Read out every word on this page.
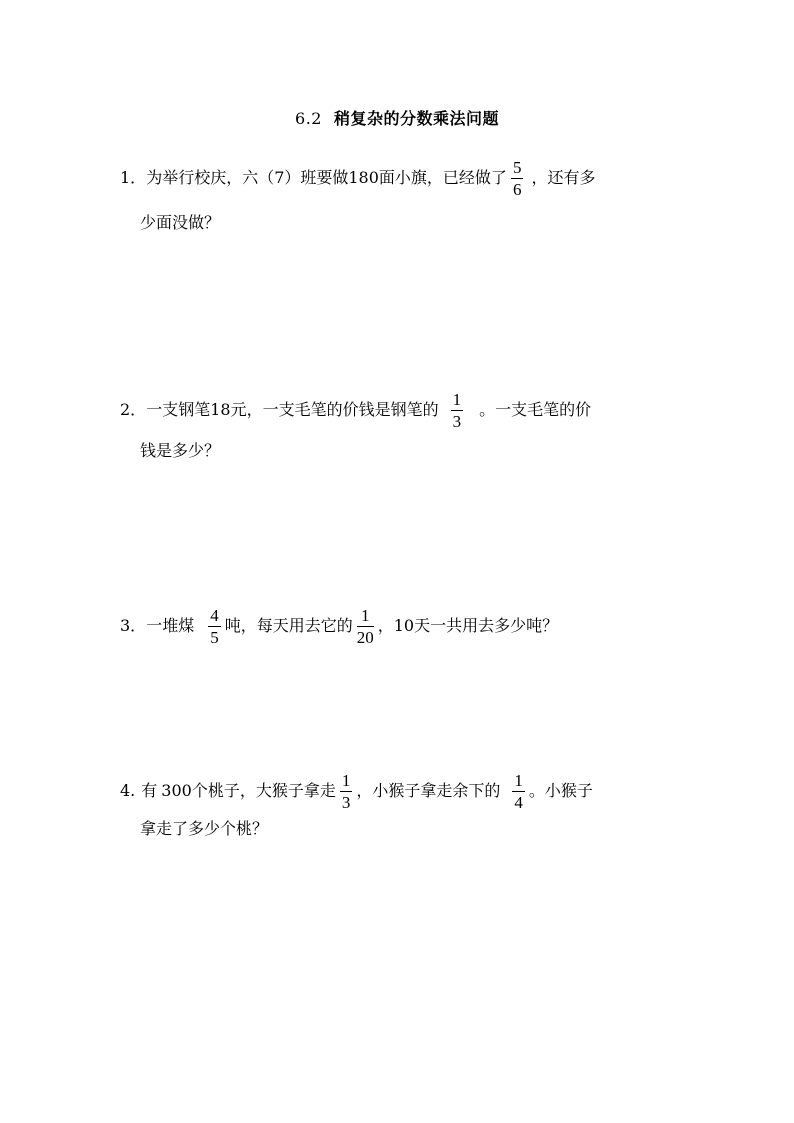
6.2 稍复杂的分数乘法问题
1．为举行校庆，六（7）班要做180面小旗，已经做了 $\frac{5}{6}$ ，还有多
少面没做？
2．一支钢笔18元，一支毛笔的价钱是钢笔的 $\frac{1}{3}$ 。一支毛笔的价
钱是多少？
3．一堆煤 $\frac{4}{5}$ 吨，每天用去它的 $\frac{1}{20}$ ，10天一共用去多少吨？
4. 有 300个桃子，大猴子拿走 $\frac{1}{3}$ ，小猴子拿走余下的 $\frac{1}{4}$ 。小猴子
拿走了多少个桃？
